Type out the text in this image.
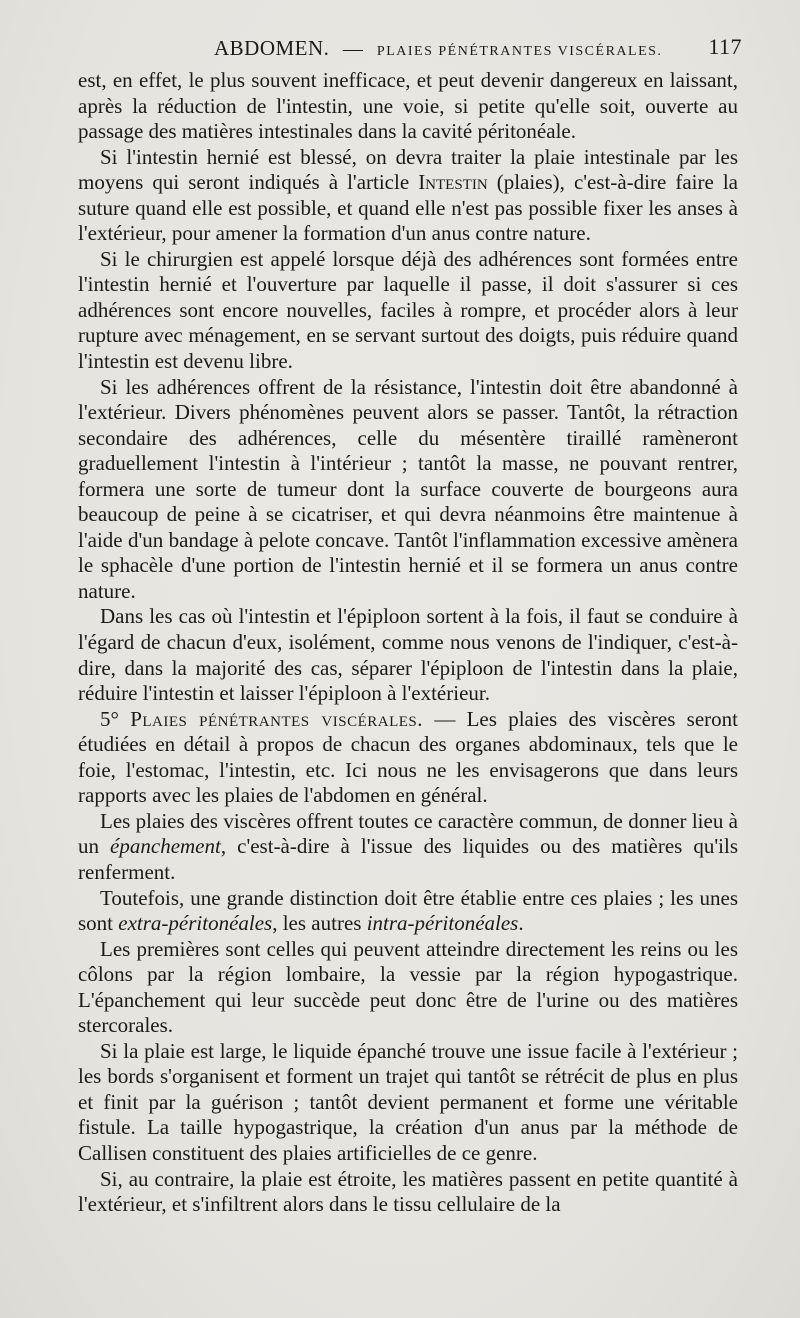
ABDOMEN. — PLAIES PÉNÉTRANTES VISCÉRALES. 117

est, en effet, le plus souvent inefficace, et peut devenir dangereux en laissant, après la réduction de l'intestin, une voie, si petite qu'elle soit, ouverte au passage des matières intestinales dans la cavité péritonéale.

Si l'intestin hernié est blessé, on devra traiter la plaie intestinale par les moyens qui seront indiqués à l'article Intestin (plaies), c'est-à-dire faire la suture quand elle est possible, et quand elle n'est pas possible fixer les anses à l'extérieur, pour amener la formation d'un anus contre nature.

Si le chirurgien est appelé lorsque déjà des adhérences sont formées entre l'intestin hernié et l'ouverture par laquelle il passe, il doit s'assurer si ces adhérences sont encore nouvelles, faciles à rompre, et procéder alors à leur rupture avec ménagement, en se servant surtout des doigts, puis réduire quand l'intestin est devenu libre.

Si les adhérences offrent de la résistance, l'intestin doit être abandonné à l'extérieur. Divers phénomènes peuvent alors se passer. Tantôt, la rétraction secondaire des adhérences, celle du mésentère tiraillé ramèneront graduellement l'intestin à l'intérieur ; tantôt la masse, ne pouvant rentrer, formera une sorte de tumeur dont la surface couverte de bourgeons aura beaucoup de peine à se cicatriser, et qui devra néanmoins être maintenue à l'aide d'un bandage à pelote concave. Tantôt l'inflammation excessive amènera le sphacèle d'une portion de l'intestin hernié et il se formera un anus contre nature.

Dans les cas où l'intestin et l'épiploon sortent à la fois, il faut se conduire à l'égard de chacun d'eux, isolément, comme nous venons de l'indiquer, c'est-à-dire, dans la majorité des cas, séparer l'épiploon de l'intestin dans la plaie, réduire l'intestin et laisser l'épiploon à l'extérieur.

5° Plaies pénétrantes viscérales. — Les plaies des viscères seront étudiées en détail à propos de chacun des organes abdominaux, tels que le foie, l'estomac, l'intestin, etc. Ici nous ne les envisagerons que dans leurs rapports avec les plaies de l'abdomen en général.

Les plaies des viscères offrent toutes ce caractère commun, de donner lieu à un épanchement, c'est-à-dire à l'issue des liquides ou des matières qu'ils renferment.

Toutefois, une grande distinction doit être établie entre ces plaies ; les unes sont extra-péritonéales, les autres intra-péritonéales.

Les premières sont celles qui peuvent atteindre directement les reins ou les côlons par la région lombaire, la vessie par la région hypogastrique. L'épanchement qui leur succède peut donc être de l'urine ou des matières stercorales.

Si la plaie est large, le liquide épanché trouve une issue facile à l'extérieur ; les bords s'organisent et forment un trajet qui tantôt se rétrécit de plus en plus et finit par la guérison ; tantôt devient permanent et forme une véritable fistule. La taille hypogastrique, la création d'un anus par la méthode de Callisen constituent des plaies artificielles de ce genre.

Si, au contraire, la plaie est étroite, les matières passent en petite quantité à l'extérieur, et s'infiltrent alors dans le tissu cellulaire de la
